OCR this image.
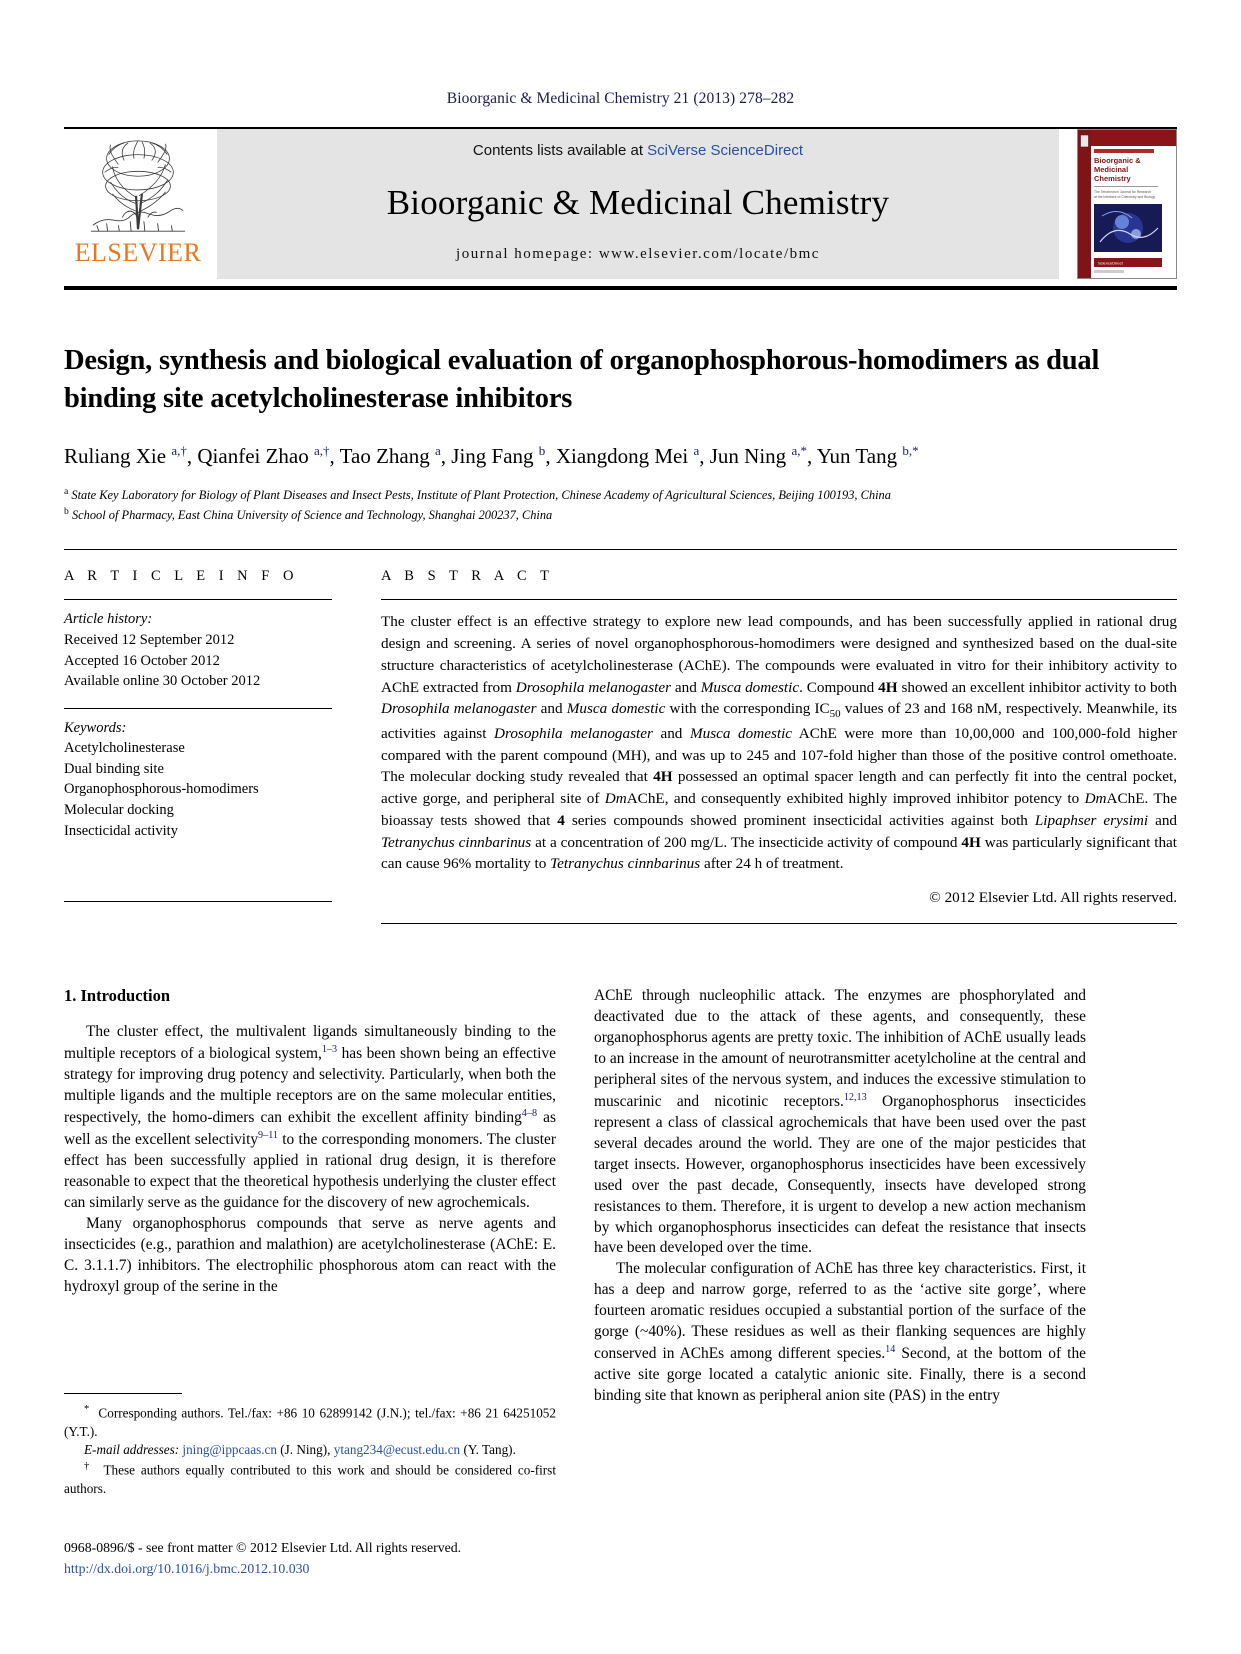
Bioorganic & Medicinal Chemistry 21 (2013) 278–282
ELSEVIER
Contents lists available at SciVerse ScienceDirect
Bioorganic & Medicinal Chemistry
journal homepage: www.elsevier.com/locate/bmc
Bioorganic &
Medicinal
Chemistry
The Tetrahedron Journal for Research
at the Interface of Chemistry and Biology
ScienceDirect
Design, synthesis and biological evaluation of organophosphorous-homodimers as dual binding site acetylcholinesterase inhibitors
Ruliang Xie $^{a,\dagger}$, Qianfei Zhao $^{a,\dagger}$, Tao Zhang $^a$, Jing Fang $^b$, Xiangdong Mei $^a$, Jun Ning $^{a,*}$, Yun Tang $^{b,*}$
$^a$ State Key Laboratory for Biology of Plant Diseases and Insect Pests, Institute of Plant Protection, Chinese Academy of Agricultural Sciences, Beijing 100193, China
$^b$ School of Pharmacy, East China University of Science and Technology, Shanghai 200237, China
A R T I C L E I N F O
Article history:
Received 12 September 2012
Accepted 16 October 2012
Available online 30 October 2012
Keywords:
Acetylcholinesterase
Dual binding site
Organophosphorous-homodimers
Molecular docking
Insecticidal activity
A B S T R A C T
The cluster effect is an effective strategy to explore new lead compounds, and has been successfully applied in rational drug design and screening. A series of novel organophosphorous-homodimers were designed and synthesized based on the dual-site structure characteristics of acetylcholinesterase (AChE). The compounds were evaluated in vitro for their inhibitory activity to AChE extracted from Drosophila melanogaster and Musca domestic. Compound 4H showed an excellent inhibitor activity to both Drosophila melanogaster and Musca domestic with the corresponding $IC_{50}$ values of 23 and 168 nM, respectively. Meanwhile, its activities against Drosophila melanogaster and Musca domestic AChE were more than 10,00,000 and 100,000-fold higher compared with the parent compound (MH), and was up to 245 and 107-fold higher than those of the positive control omethoate. The molecular docking study revealed that 4H possessed an optimal spacer length and can perfectly fit into the central pocket, active gorge, and peripheral site of DmAChE, and consequently exhibited highly improved inhibitor potency to DmAChE. The bioassay tests showed that 4 series compounds showed prominent insecticidal activities against both Lipaphser erysimi and Tetranychus cinnbarinus at a concentration of 200 mg/L. The insecticide activity of compound 4H was particularly significant that can cause 96% mortality to Tetranychus cinnbarinus after 24 h of treatment.
© 2012 Elsevier Ltd. All rights reserved.
1. Introduction

The cluster effect, the multivalent ligands simultaneously binding to the multiple receptors of a biological system,$^{1-3}$ has been shown being an effective strategy for improving drug potency and selectivity. Particularly, when both the multiple ligands and the multiple receptors are on the same molecular entities, respectively, the homo-dimers can exhibit the excellent affinity binding$^{4-8}$ as well as the excellent selectivity$^{9-11}$ to the corresponding monomers. The cluster effect has been successfully applied in rational drug design, it is therefore reasonable to expect that the theoretical hypothesis underlying the cluster effect can similarly serve as the guidance for the discovery of new agrochemicals.

Many organophosphorus compounds that serve as nerve agents and insecticides (e.g., parathion and malathion) are acetylcholinesterase (AChE: E. C. 3.1.1.7) inhibitors. The electrophilic phosphorous atom can react with the hydroxyl group of the serine in the

AChE through nucleophilic attack. The enzymes are phosphorylated and deactivated due to the attack of these agents, and consequently, these organophosphorus agents are pretty toxic. The inhibition of AChE usually leads to an increase in the amount of neurotransmitter acetylcholine at the central and peripheral sites of the nervous system, and induces the excessive stimulation to muscarinic and nicotinic receptors.$^{12,13}$ Organophosphorus insecticides represent a class of classical agrochemicals that have been used over the past several decades around the world. They are one of the major pesticides that target insects. However, organophosphorus insecticides have been excessively used over the past decade, Consequently, insects have developed strong resistances to them. Therefore, it is urgent to develop a new action mechanism by which organophosphorus insecticides can defeat the resistance that insects have been developed over the time.

The molecular configuration of AChE has three key characteristics. First, it has a deep and narrow gorge, referred to as the ‘active site gorge’, where fourteen aromatic residues occupied a substantial portion of the surface of the gorge (~40%). These residues as well as their flanking sequences are highly conserved in AChEs among different species.$^{14}$ Second, at the bottom of the active site gorge located a catalytic anionic site. Finally, there is a second binding site that known as peripheral anion site (PAS) in the entry

*  Corresponding authors. Tel./fax: +86 10 62899142 (J.N.); tel./fax: +86 21 64251052 (Y.T.).

E-mail addresses: jning@ippcaas.cn (J. Ning), ytang234@ecust.edu.cn (Y. Tang).

†  These authors equally contributed to this work and should be considered co-first authors.

0968-0896/$ - see front matter © 2012 Elsevier Ltd. All rights reserved.
http://dx.doi.org/10.1016/j.bmc.2012.10.030
